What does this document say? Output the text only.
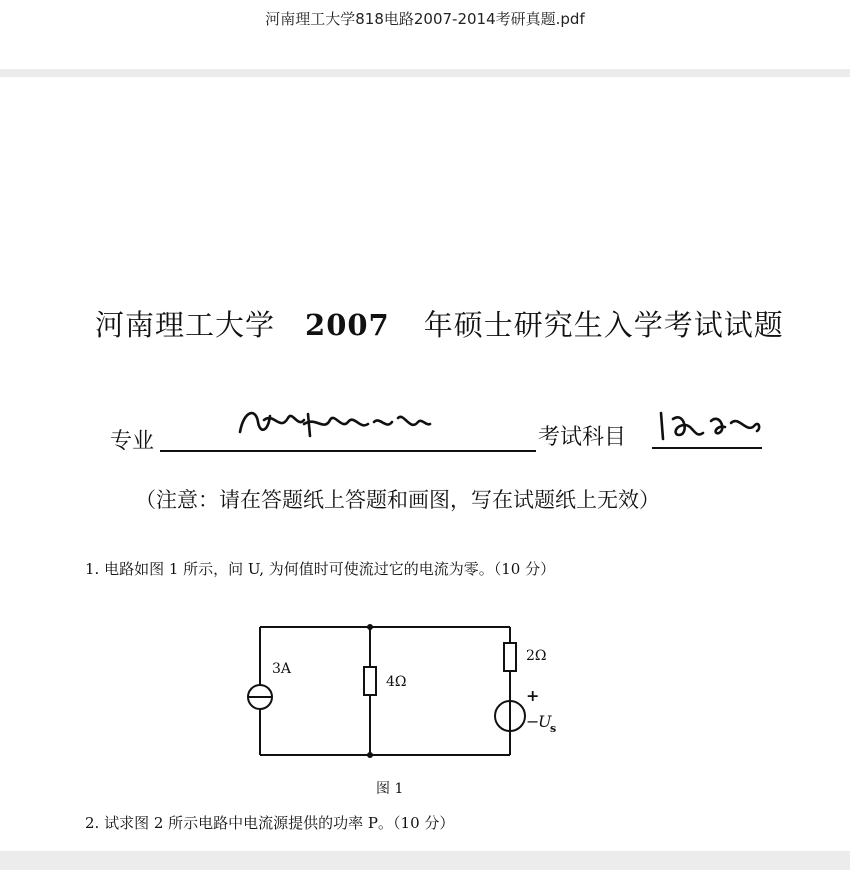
河南理工大学818电路2007-2014考研真题.pdf
河南理工大学 2007 年硕士研究生入学考试试题
专业	考试科目
（注意：请在答题纸上答题和画图，写在试题纸上无效）
1. 电路如图 1 所示，问 U, 为何值时可使流过它的电流为零。（10 分）
3A
4Ω
2Ω
+
−
U
s
图 1
2. 试求图 2 所示电路中电流源提供的功率 P。（10 分）
